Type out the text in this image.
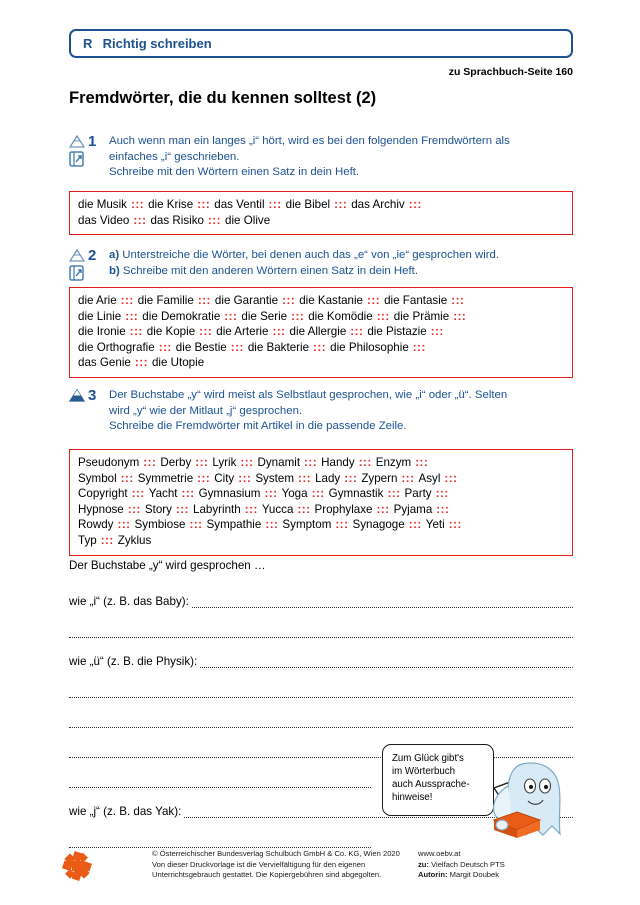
R Richtig schreiben
zu Sprachbuch-Seite 160
Fremdwörter, die du kennen solltest (2)
1 Auch wenn man ein langes „i“ hört, wird es bei den folgenden Fremdwörtern als
einfaches „i“ geschrieben.
Schreibe mit den Wörtern einen Satz in dein Heft.
die Musik ::: die Krise ::: das Ventil ::: die Bibel ::: das Archiv :::
das Video ::: das Risiko ::: die Olive
2 a) Unterstreiche die Wörter, bei denen auch das „e“ von „ie“ gesprochen wird.
b) Schreibe mit den anderen Wörtern einen Satz in dein Heft.
die Arie ::: die Familie ::: die Garantie ::: die Kastanie ::: die Fantasie :::
die Linie ::: die Demokratie ::: die Serie ::: die Komödie ::: die Prämie :::
die Ironie ::: die Kopie ::: die Arterie ::: die Allergie ::: die Pistazie :::
die Orthografie ::: die Bestie ::: die Bakterie ::: die Philosophie :::
das Genie ::: die Utopie
3 Der Buchstabe „y“ wird meist als Selbstlaut gesprochen, wie „i“ oder „ü“. Selten
wird „y“ wie der Mitlaut „j“ gesprochen.
Schreibe die Fremdwörter mit Artikel in die passende Zeile.
Pseudonym ::: Derby ::: Lyrik ::: Dynamit ::: Handy ::: Enzym :::
Symbol ::: Symmetrie ::: City ::: System ::: Lady ::: Zypern ::: Asyl :::
Copyright ::: Yacht ::: Gymnasium ::: Yoga ::: Gymnastik ::: Party :::
Hypnose ::: Story ::: Labyrinth ::: Yucca ::: Prophylaxe ::: Pyjama :::
Rowdy ::: Symbiose ::: Sympathie ::: Symptom ::: Synagoge ::: Yeti :::
Typ ::: Zyklus
Der Buchstabe „y“ wird gesprochen …
wie „i“ (z. B. das Baby):
wie „ü“ (z. B. die Physik):
wie „j“ (z. B. das Yak):
Zum Glück gibt's
im Wörterbuch
auch Aussprache-
hinweise!
© Österreichischer Bundesverlag Schulbuch GmbH & Co. KG, Wien 2020
Von dieser Druckvorlage ist die Vervielfältigung für den eigenen
Unterrichtsgebrauch gestattet. Die Kopiergebühren sind abgegolten.
www.oebv.at
zu: Vielfach Deutsch PTS
Autorin: Margit Doubek
